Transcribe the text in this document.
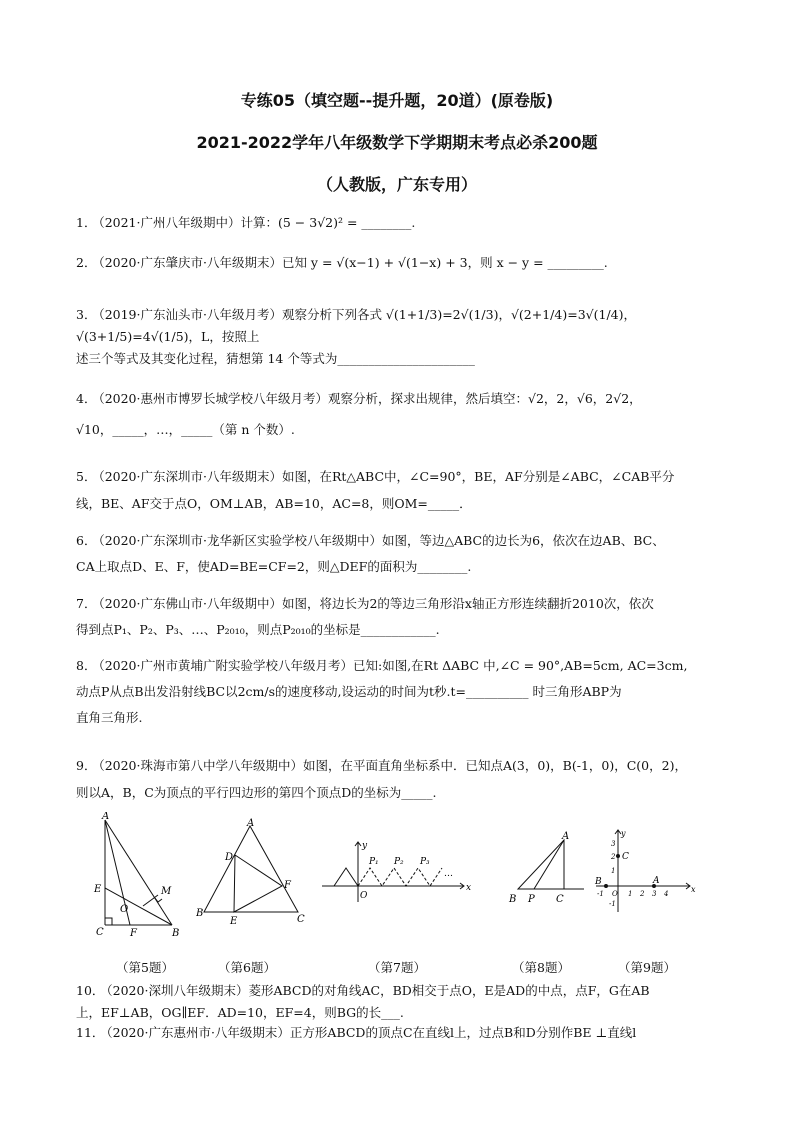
专练05（填空题--提升题，20道）(原卷版)
2021-2022学年八年级数学下学期期末考点必杀200题
（人教版，广东专用）
1． （2021·广州八年级期中）计算：(5 − 3√2)² = ________.
2． （2020·广东肇庆市·八年级期末）已知 y = √(x−1) + √(1−x) + 3，则 x − y = _________.
3． （2019·广东汕头市·八年级月考）观察分析下列各式 √(1+1/3)=2√(1/3)，√(2+1/4)=3√(1/4)，√(3+1/5)=4√(1/5)，L，按照上
述三个等式及其变化过程，猜想第 14 个等式为______________________
4． （2020·惠州市博罗长城学校八年级月考）观察分析，探求出规律，然后填空：√2，2，√6，2√2，
√10，_____，…，_____（第 n 个数）.
5． （2020·广东深圳市·八年级期末）如图，在Rt△ABC中，∠C=90°，BE，AF分别是∠ABC，∠CAB平分
线，BE、AF交于点O，OM⊥AB，AB=10，AC=8，则OM=_____．
6． （2020·广东深圳市·龙华新区实验学校八年级期中）如图，等边△ABC的边长为6，依次在边AB、BC、
CA上取点D、E、F，使AD=BE=CF=2，则△DEF的面积为________.
7． （2020·广东佛山市·八年级期中）如图，将边长为2的等边三角形沿x轴正方形连续翻折2010次，依次
得到点P₁、P₂、P₃、…、P₂₀₁₀，则点P₂₀₁₀的坐标是____________.
8． （2020·广州市黄埔广附实验学校八年级月考）已知:如图,在Rt ΔABC 中,∠C = 90°,AB=5cm, AC=3cm,
动点P从点B出发沿射线BC以2cm/s的速度移动,设运动的时间为t秒.t=__________ 时三角形ABP为
直角三角形.
9． （2020·珠海市第八中学八年级期中）如图，在平面直角坐标系中．已知点A(3，0)，B(-1，0)，C(0，2)，
则以A，B，C为顶点的平行四边形的第四个顶点D的坐标为_____.
A
E	M
O
C	F	B
A
D
F
B
E	C
y
x
O
P₁ P₂ P₃
…
A
B P C
y
x
C
A
B
-1 O 1 2 3 4
3
2
1
-1
（第5题）	（第6题）	（第7题）	（第8题）	（第9题）
10． （2020·深圳八年级期末）菱形ABCD的对角线AC，BD相交于点O，E是AD的中点，点F，G在AB
上，EF⊥AB，OG∥EF．AD=10，EF=4，则BG的长___.
11． （2020·广东惠州市·八年级期末）正方形ABCD的顶点C在直线l上，过点B和D分别作BE ⊥直线l
